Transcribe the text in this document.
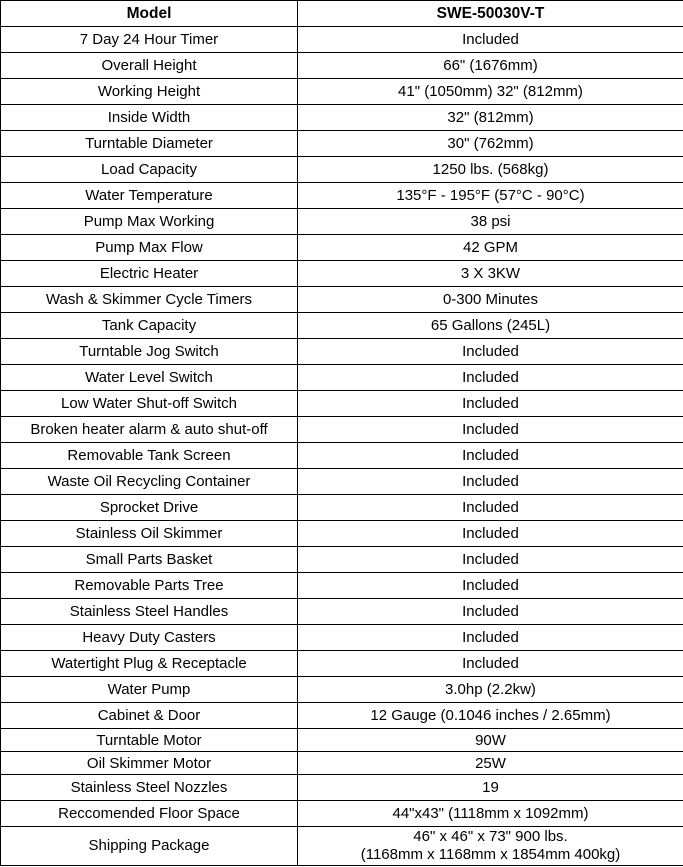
Model	SWE-50030V-T
7 Day 24 Hour Timer	Included
Overall Height	66" (1676mm)
Working Height	41" (1050mm) 32" (812mm)
Inside Width	32" (812mm)
Turntable Diameter	30" (762mm)
Load Capacity	1250 lbs. (568kg)
Water Temperature	135°F - 195°F (57°C - 90°C)
Pump Max Working	38 psi
Pump Max Flow	42 GPM
Electric Heater	3 X 3KW
Wash & Skimmer Cycle Timers	0-300 Minutes
Tank Capacity	65 Gallons (245L)
Turntable Jog Switch	Included
Water Level Switch	Included
Low Water Shut-off Switch	Included
Broken heater alarm & auto shut-off	Included
Removable Tank Screen	Included
Waste Oil Recycling Container	Included
Sprocket Drive	Included
Stainless Oil Skimmer	Included
Small Parts Basket	Included
Removable Parts Tree	Included
Stainless Steel Handles	Included
Heavy Duty Casters	Included
Watertight Plug & Receptacle	Included
Water Pump	3.0hp (2.2kw)
Cabinet & Door	12 Gauge (0.1046 inches / 2.65mm)
Turntable Motor	90W
Oil Skimmer Motor	25W
Stainless Steel Nozzles	19
Reccomended Floor Space	44"x43" (1118mm x 1092mm)
Shipping Package	46" x 46" x 73" 900 lbs.
(1168mm x 1168mm x 1854mm 400kg)
